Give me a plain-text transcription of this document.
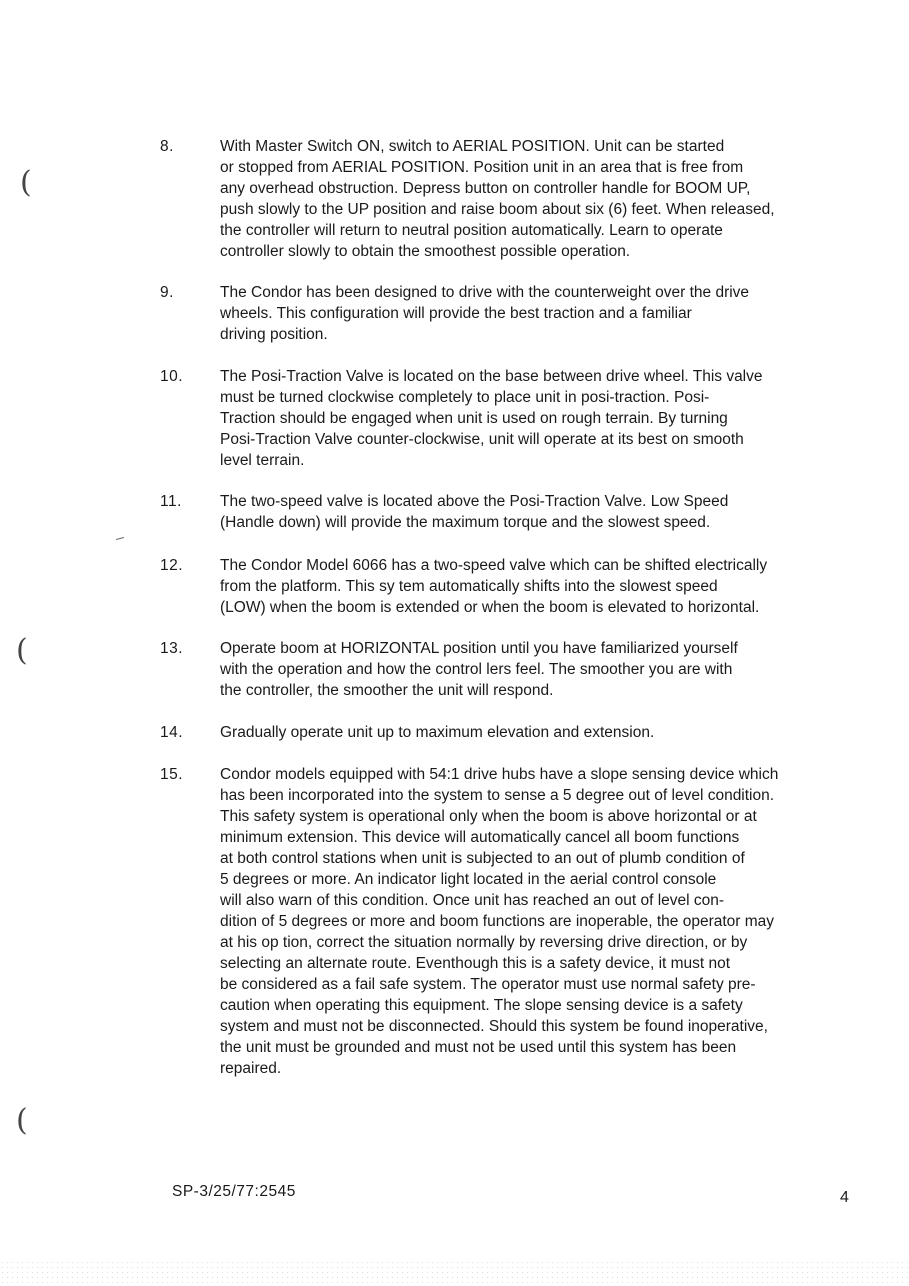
(
(
(
8.	With Master Switch ON, switch to AERIAL POSITION. Unit can be started
or stopped from AERIAL POSITION. Position unit in an area that is free from
any overhead obstruction. Depress button on controller handle for BOOM UP,
push slowly to the UP position and raise boom about six (6) feet. When released,
the controller will return to neutral position automatically. Learn to operate
controller slowly to obtain the smoothest possible operation.
9.	The Condor has been designed to drive with the counterweight over the drive
wheels. This configuration will provide the best traction and a familiar
driving position.
10.	The Posi-Traction Valve is located on the base between drive wheel. This valve
must be turned clockwise completely to place unit in posi-traction. Posi-
Traction should be engaged when unit is used on rough terrain. By turning
Posi-Traction Valve counter-clockwise, unit will operate at its best on smooth
level terrain.
11.	The two-speed valve is located above the Posi-Traction Valve. Low Speed
(Handle down) will provide the maximum torque and the slowest speed.
12.	The Condor Model 6066 has a two-speed valve which can be shifted electrically
from the platform. This sy tem automatically shifts into the slowest speed
(LOW) when the boom is extended or when the boom is elevated to horizontal.
13.	Operate boom at HORIZONTAL position until you have familiarized yourself
with the operation and how the control lers feel. The smoother you are with
the controller, the smoother the unit will respond.
14.	Gradually operate unit up to maximum elevation and extension.
15.	Condor models equipped with 54:1 drive hubs have a slope sensing device which
has been incorporated into the system to sense a 5 degree out of level condition.
This safety system is operational only when the boom is above horizontal or at
minimum extension. This device will automatically cancel all boom functions
at both control stations when unit is subjected to an out of plumb condition of
5 degrees or more. An indicator light located in the aerial control console
will also warn of this condition. Once unit has reached an out of level con-
dition of 5 degrees or more and boom functions are inoperable, the operator may
at his op tion, correct the situation normally by reversing drive direction, or by
selecting an alternate route. Eventhough this is a safety device, it must not
be considered as a fail safe system. The operator must use normal safety pre-
caution when operating this equipment. The slope sensing device is a safety
system and must not be disconnected. Should this system be found inoperative,
the unit must be grounded and must not be used until this system has been
repaired.
SP-3/25/77:2545	4
